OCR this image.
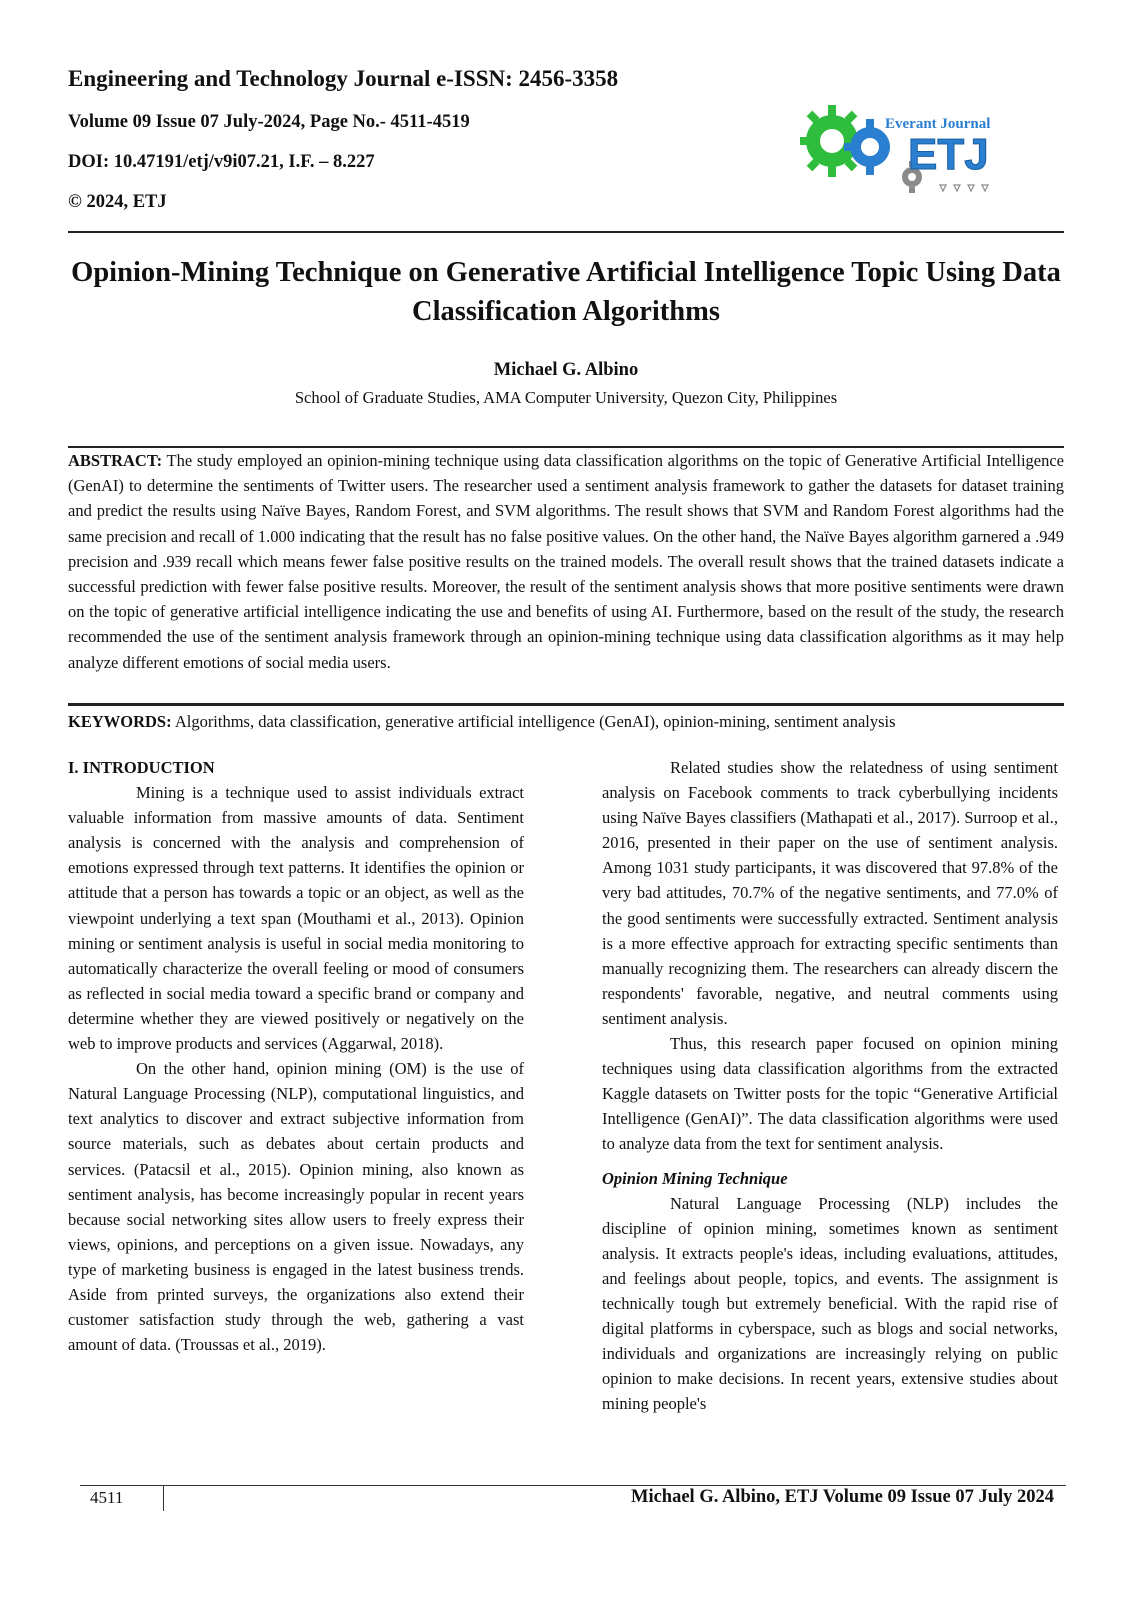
Engineering and Technology Journal e-ISSN: 2456-3358
Volume 09 Issue 07 July-2024, Page No.- 4511-4519
DOI: 10.47191/etj/v9i07.21, I.F. – 8.227
© 2024, ETJ
ETJ
Everant Journal
Opinion-Mining Technique on Generative Artificial Intelligence Topic Using Data Classification Algorithms
Michael G. Albino
School of Graduate Studies, AMA Computer University, Quezon City, Philippines
ABSTRACT: The study employed an opinion-mining technique using data classification algorithms on the topic of Generative Artificial Intelligence (GenAI) to determine the sentiments of Twitter users. The researcher used a sentiment analysis framework to gather the datasets for dataset training and predict the results using Naïve Bayes, Random Forest, and SVM algorithms. The result shows that SVM and Random Forest algorithms had the same precision and recall of 1.000 indicating that the result has no false positive values. On the other hand, the Naïve Bayes algorithm garnered a .949 precision and .939 recall which means fewer false positive results on the trained models. The overall result shows that the trained datasets indicate a successful prediction with fewer false positive results. Moreover, the result of the sentiment analysis shows that more positive sentiments were drawn on the topic of generative artificial intelligence indicating the use and benefits of using AI. Furthermore, based on the result of the study, the research recommended the use of the sentiment analysis framework through an opinion-mining technique using data classification algorithms as it may help analyze different emotions of social media users.
KEYWORDS: Algorithms, data classification, generative artificial intelligence (GenAI), opinion-mining, sentiment analysis
I. INTRODUCTION

Mining is a technique used to assist individuals extract valuable information from massive amounts of data. Sentiment analysis is concerned with the analysis and comprehension of emotions expressed through text patterns. It identifies the opinion or attitude that a person has towards a topic or an object, as well as the viewpoint underlying a text span (Mouthami et al., 2013). Opinion mining or sentiment analysis is useful in social media monitoring to automatically characterize the overall feeling or mood of consumers as reflected in social media toward a specific brand or company and determine whether they are viewed positively or negatively on the web to improve products and services (Aggarwal, 2018).

On the other hand, opinion mining (OM) is the use of Natural Language Processing (NLP), computational linguistics, and text analytics to discover and extract subjective information from source materials, such as debates about certain products and services. (Patacsil et al., 2015). Opinion mining, also known as sentiment analysis, has become increasingly popular in recent years because social networking sites allow users to freely express their views, opinions, and perceptions on a given issue. Nowadays, any type of marketing business is engaged in the latest business trends. Aside from printed surveys, the organizations also extend their customer satisfaction study through the web, gathering a vast amount of data. (Troussas et al., 2019).

Related studies show the relatedness of using sentiment analysis on Facebook comments to track cyberbullying incidents using Naïve Bayes classifiers (Mathapati et al., 2017). Surroop et al., 2016, presented in their paper on the use of sentiment analysis. Among 1031 study participants, it was discovered that 97.8% of the very bad attitudes, 70.7% of the negative sentiments, and 77.0% of the good sentiments were successfully extracted. Sentiment analysis is a more effective approach for extracting specific sentiments than manually recognizing them. The researchers can already discern the respondents' favorable, negative, and neutral comments using sentiment analysis.

Thus, this research paper focused on opinion mining techniques using data classification algorithms from the extracted Kaggle datasets on Twitter posts for the topic “Generative Artificial Intelligence (GenAI)”. The data classification algorithms were used to analyze data from the text for sentiment analysis.

Opinion Mining Technique

Natural Language Processing (NLP) includes the discipline of opinion mining, sometimes known as sentiment analysis. It extracts people's ideas, including evaluations, attitudes, and feelings about people, topics, and events. The assignment is technically tough but extremely beneficial. With the rapid rise of digital platforms in cyberspace, such as blogs and social networks, individuals and organizations are increasingly relying on public opinion to make decisions. In recent years, extensive studies about mining people's

4511	Michael G. Albino, ETJ Volume 09 Issue 07 July 2024
